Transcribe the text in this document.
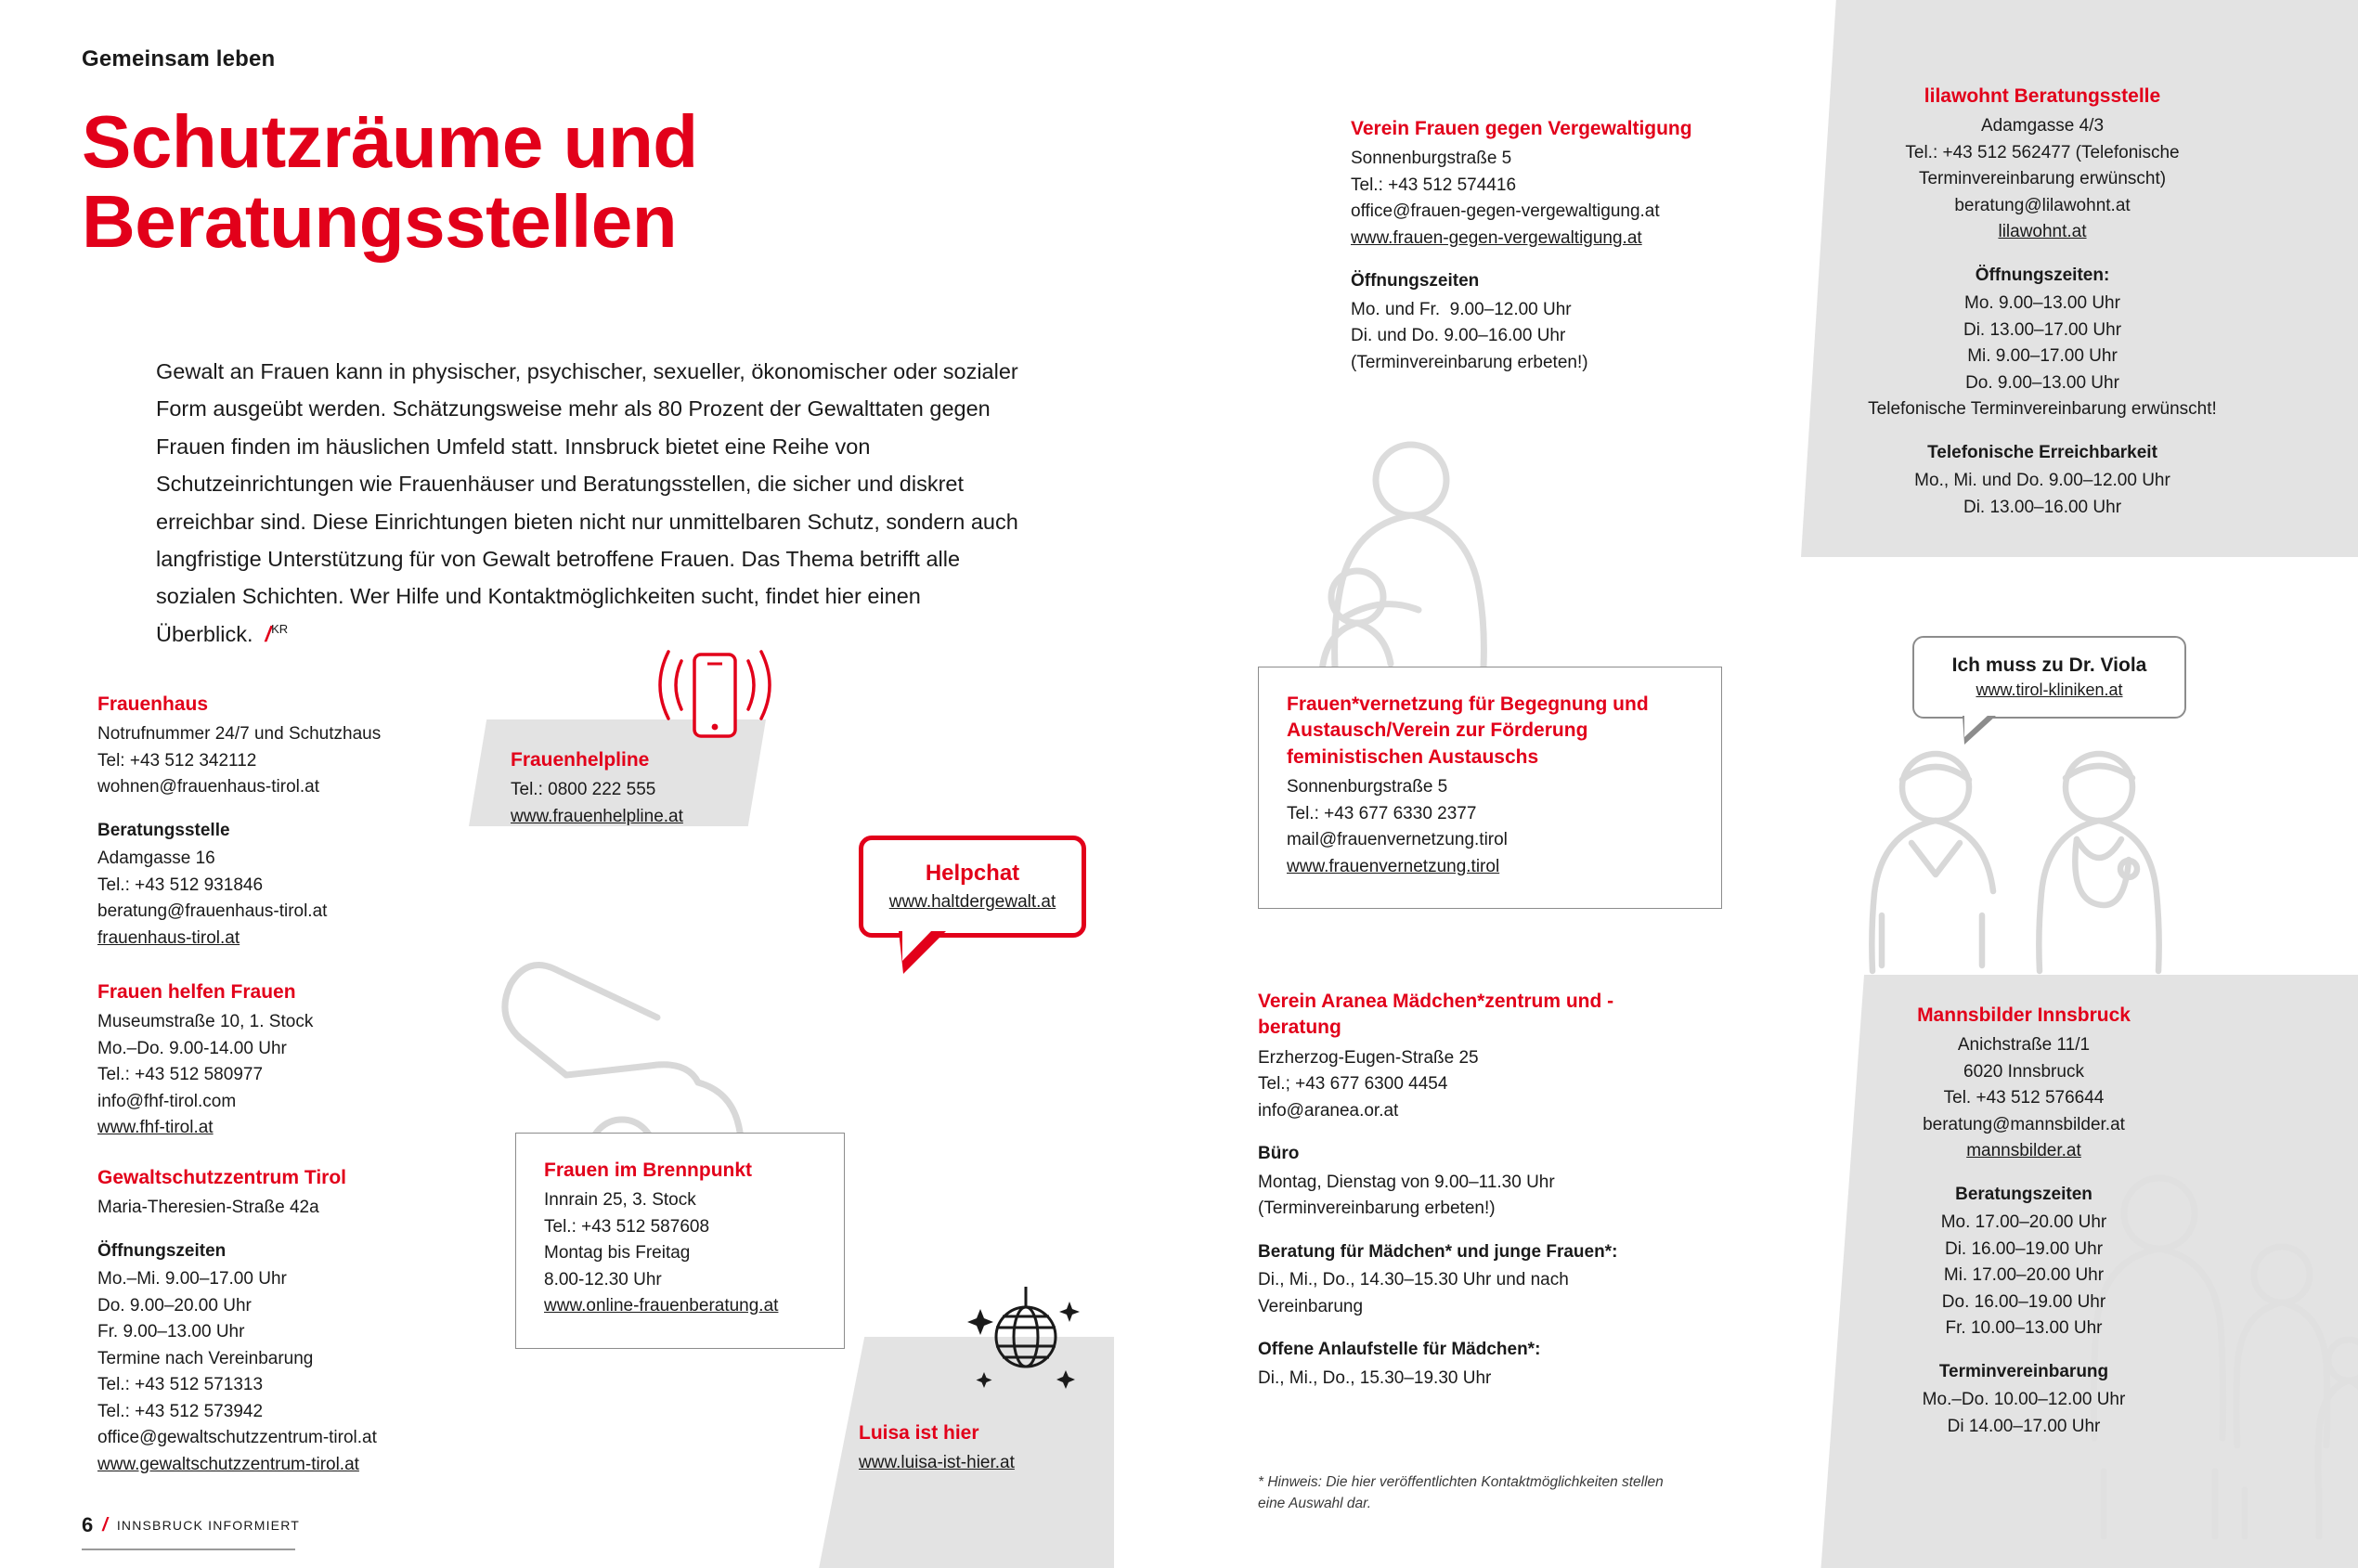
Gemeinsam leben
Schutzräume und Beratungsstellen
Gewalt an Frauen kann in physischer, psychischer, sexueller, ökonomischer oder sozialer Form ausgeübt werden. Schätzungsweise mehr als 80 Prozent der Gewalttaten gegen Frauen finden im häuslichen Umfeld statt. Innsbruck bietet eine Reihe von Schutzeinrichtungen wie Frauenhäuser und Beratungsstellen, die sicher und diskret erreichbar sind. Diese Einrichtungen bieten nicht nur unmittelbaren Schutz, sondern auch langfristige Unterstützung für von Gewalt betroffene Frauen. Das Thema betrifft alle sozialen Schichten. Wer Hilfe und Kontaktmöglichkeiten sucht, findet hier einen Überblick.  /$^{KR}$
Frauenhaus
Notrufnummer 24/7 und Schutzhaus
Tel: +43 512 342112
wohnen@frauenhaus-tirol.at
Beratungsstelle
Adamgasse 16
Tel.: +43 512 931846
beratung@frauenhaus-tirol.at
frauenhaus-tirol.at
Frauen helfen Frauen
Museumstraße 10, 1. Stock
Mo.–Do. 9.00-14.00 Uhr
Tel.: +43 512 580977
info@fhf-tirol.com
www.fhf-tirol.at
Gewaltschutzzentrum Tirol
Maria-Theresien-Straße 42a
Öffnungszeiten
Mo.–Mi. 9.00–17.00 Uhr
Do. 9.00–20.00 Uhr
Fr. 9.00–13.00 Uhr
Termine nach Vereinbarung
Tel.: +43 512 571313
Tel.: +43 512 573942
office@gewaltschutzzentrum-tirol.at
www.gewaltschutzzentrum-tirol.at
Frauenhelpline
Tel.: 0800 222 555
www.frauenhelpline.at
Helpchat
www.haltdergewalt.at
Frauen im Brennpunkt
Innrain 25, 3. Stock
Tel.: +43 512 587608
Montag bis Freitag
8.00-12.30 Uhr
www.online-frauenberatung.at
Luisa ist hier
www.luisa-ist-hier.at
Verein Frauen gegen Vergewaltigung
Sonnenburgstraße 5
Tel.: +43 512 574416
office@frauen-gegen-vergewaltigung.at
www.frauen-gegen-vergewaltigung.at
Öffnungszeiten
Mo. und Fr.  9.00–12.00 Uhr
Di. und Do. 9.00–16.00 Uhr
(Terminvereinbarung erbeten!)
Frauen*vernetzung für Begegnung und Austausch/Verein zur Förderung feministischen Austauschs
Sonnenburgstraße 5
Tel.: +43 677 6330 2377
mail@frauenvernetzung.tirol
www.frauenvernetzung.tirol
Verein Aranea Mädchen*zentrum und -beratung
Erzherzog-Eugen-Straße 25
Tel.; +43 677 6300 4454
info@aranea.or.at
Büro
Montag, Dienstag von 9.00–11.30 Uhr
(Terminvereinbarung erbeten!)
Beratung für Mädchen* und junge Frauen*:
Di., Mi., Do., 14.30–15.30 Uhr und nach
Vereinbarung
Offene Anlaufstelle für Mädchen*:
Di., Mi., Do., 15.30–19.30 Uhr
* Hinweis: Die hier veröffentlichten Kontaktmöglichkeiten stellen eine Auswahl dar.
lilawohnt Beratungsstelle
Adamgasse 4/3
Tel.: +43 512 562477 (Telefonische
Terminvereinbarung erwünscht)
beratung@lilawohnt.at
lilawohnt.at
Öffnungszeiten:
Mo. 9.00–13.00 Uhr
Di. 13.00–17.00 Uhr
Mi. 9.00–17.00 Uhr
Do. 9.00–13.00 Uhr
Telefonische Terminvereinbarung erwünscht!
Telefonische Erreichbarkeit
Mo., Mi. und Do. 9.00–12.00 Uhr
Di. 13.00–16.00 Uhr
Ich muss zu Dr. Viola
www.tirol-kliniken.at
Mannsbilder Innsbruck
Anichstraße 11/1
6020 Innsbruck
Tel. +43 512 576644
beratung@mannsbilder.at
mannsbilder.at
Beratungszeiten
Mo. 17.00–20.00 Uhr
Di. 16.00–19.00 Uhr
Mi. 17.00–20.00 Uhr
Do. 16.00–19.00 Uhr
Fr. 10.00–13.00 Uhr
Terminvereinbarung
Mo.–Do. 10.00–12.00 Uhr
Di 14.00–17.00 Uhr
6 / INNSBRUCK INFORMIERT
